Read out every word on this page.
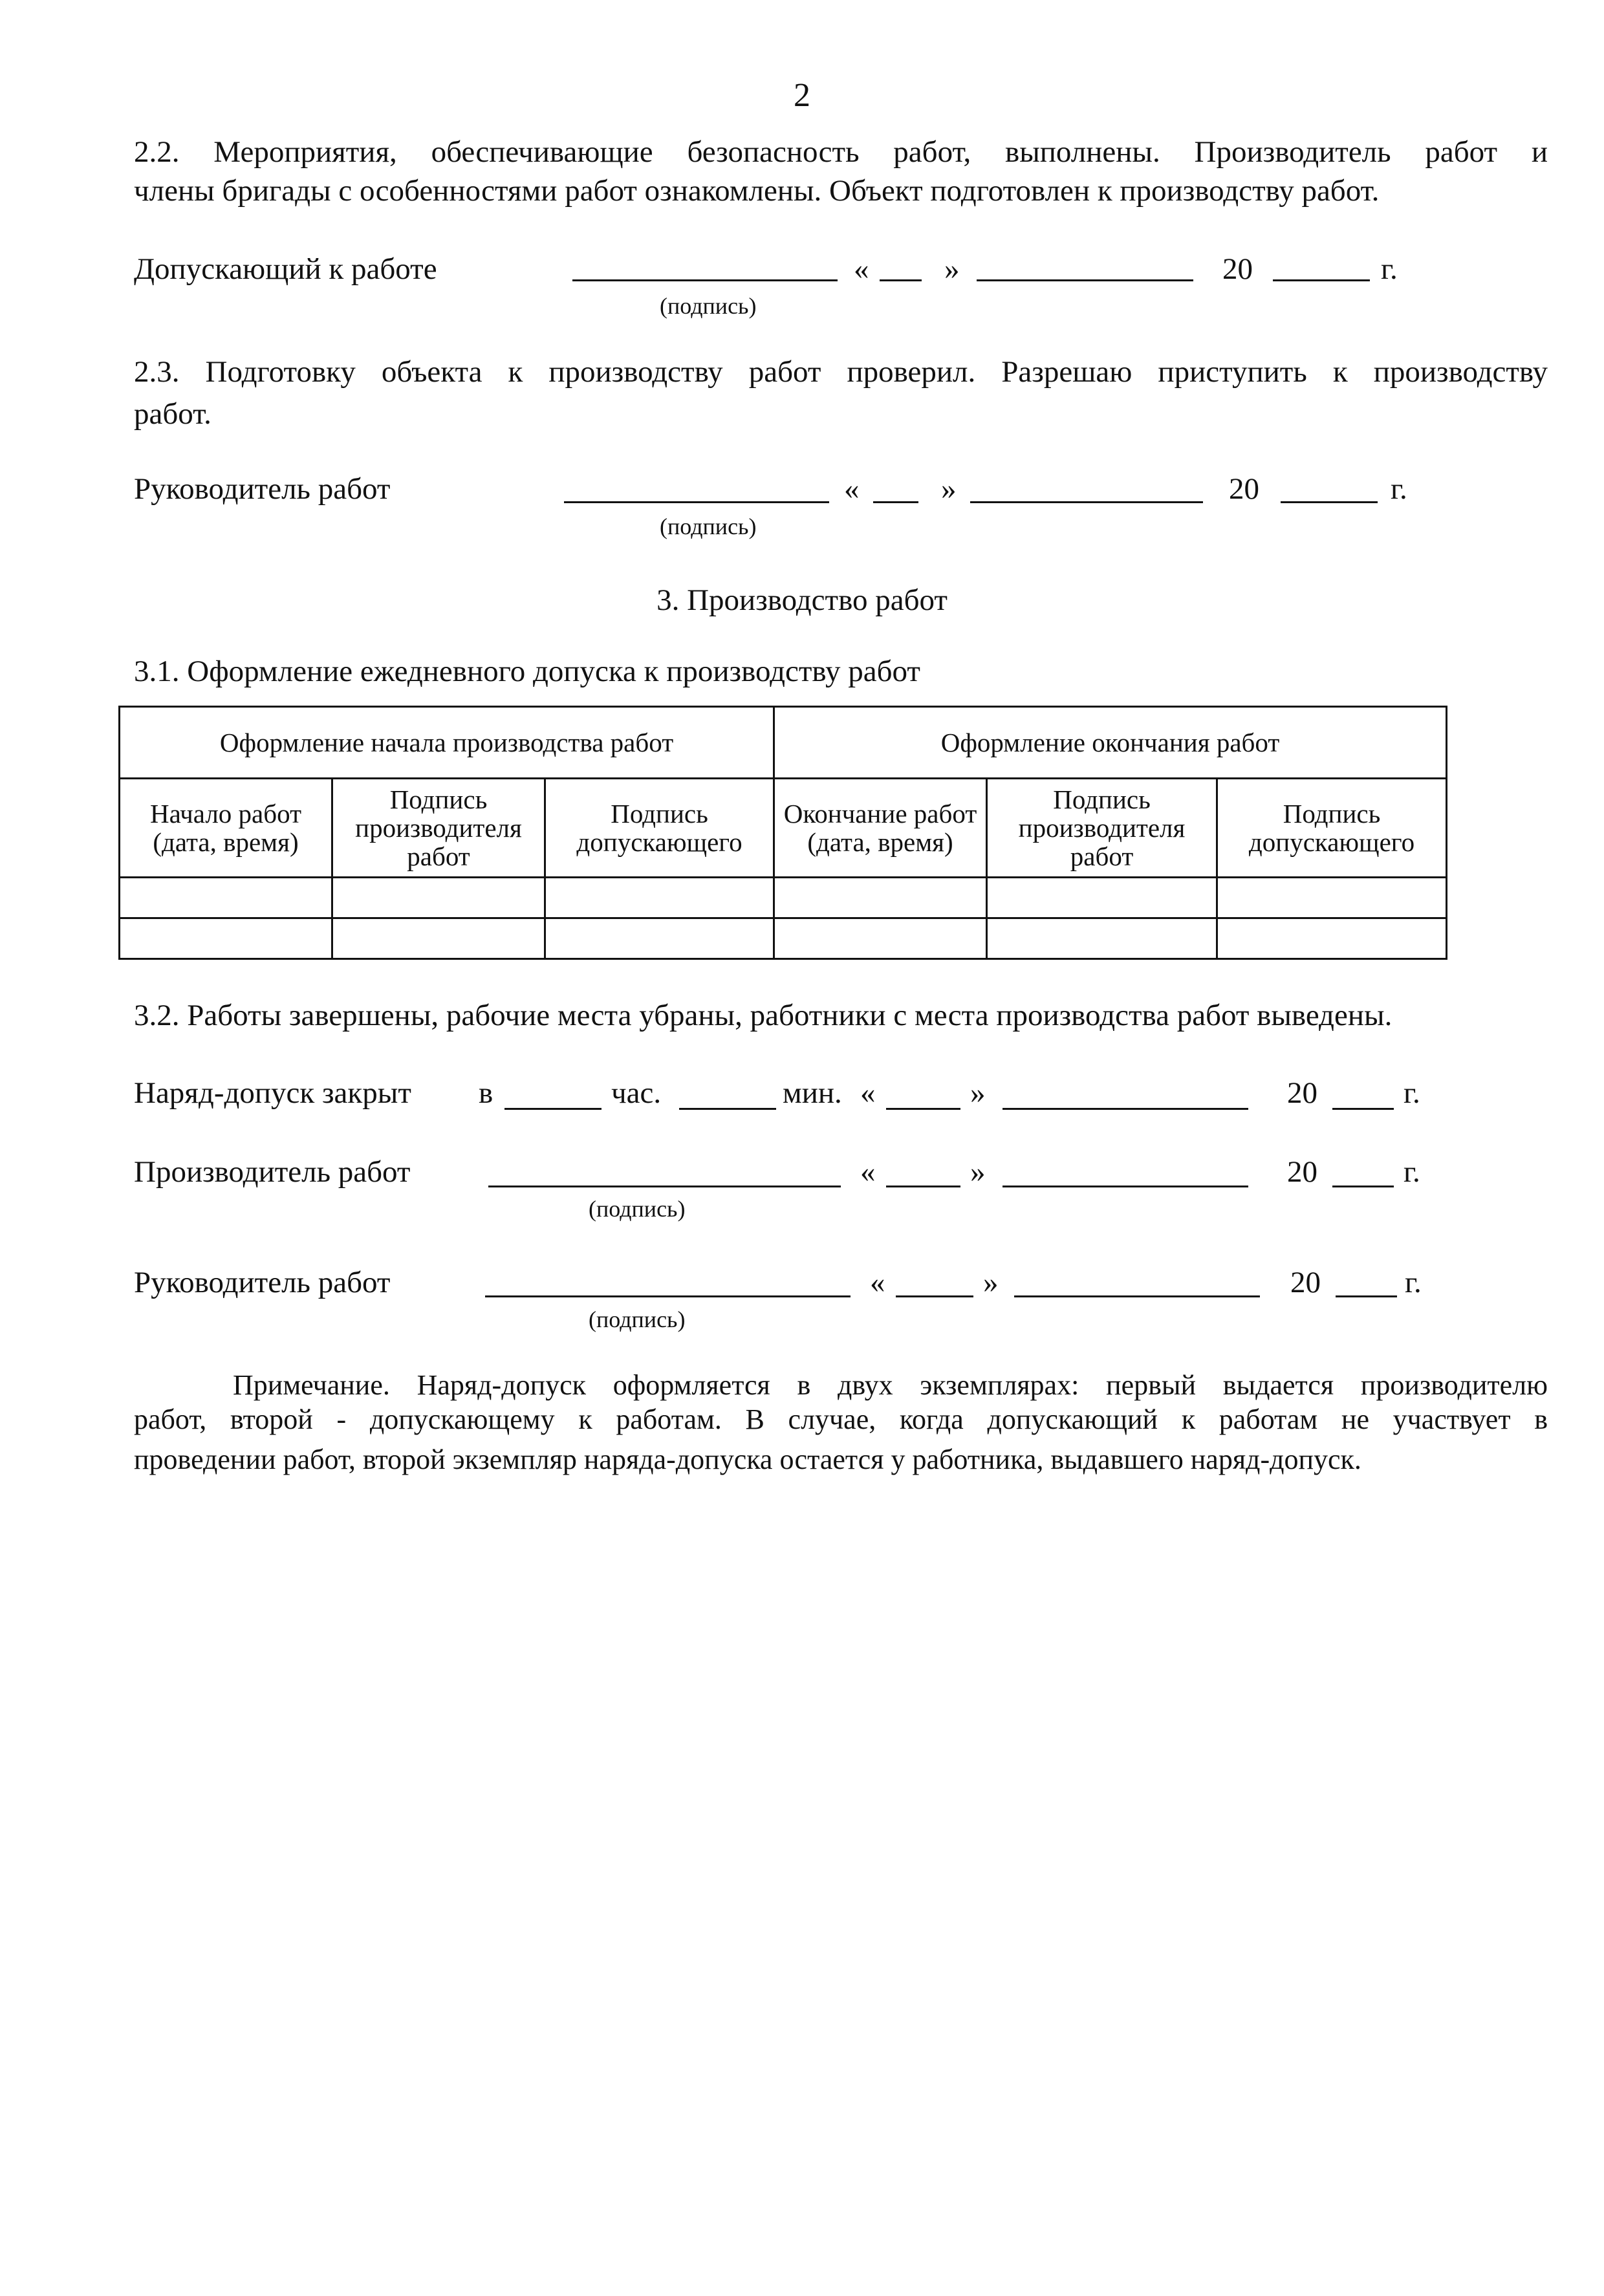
2
2.2. Мероприятия, обеспечивающие безопасность работ, выполнены. Производитель работ и
члены бригады с особенностями работ ознакомлены. Объект подготовлен к производству работ.
Допускающий к работе	« »	20	г.
(подпись)
2.3. Подготовку объекта к производству работ проверил. Разрешаю приступить к производству
работ.
Руководитель работ	«	»	20	г.
(подпись)
3. Производство работ
3.1. Оформление ежедневного допуска к производству работ
Оформление начала производства работ			Оформление окончания работ		
Начало работ (дата, время)	Подпись производителя работ	Подпись допускающего	Окончание работ (дата, время)	Подпись производителя работ	Подпись допускающего

3.2. Работы завершены, рабочие места убраны, работники с места производства работ выведены.
Наряд-допуск закрыт в	час.	мин. «	»	20	г.
Производитель работ	«	»	20	г.
(подпись)
Руководитель работ	«	»	20	г.
(подпись)
Примечание. Наряд-допуск оформляется в двух экземплярах: первый выдается производителю
работ, второй - допускающему к работам. В случае, когда допускающий к работам не участвует в
проведении работ, второй экземпляр наряда-допуска остается у работника, выдавшего наряд-допуск.
